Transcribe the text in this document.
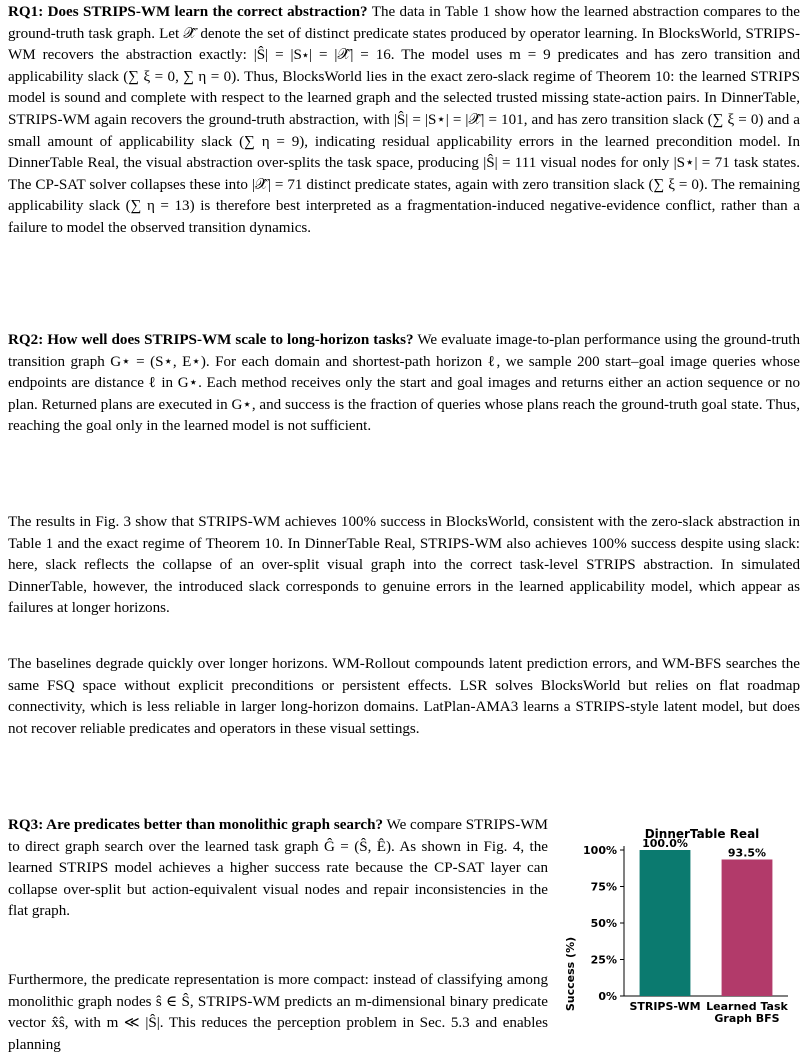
RQ1: Does STRIPS-WM learn the correct abstraction? The data in Table 1 show how the learned abstraction compares to the ground-truth task graph. Let 𝒳̂ denote the set of distinct predicate states produced by operator learning. In BlocksWorld, STRIPS-WM recovers the abstraction exactly: |Ŝ| = |S⋆| = |𝒳̂| = 16. The model uses m = 9 predicates and has zero transition and applicability slack (∑ ξ = 0, ∑ η = 0). Thus, BlocksWorld lies in the exact zero-slack regime of Theorem 10: the learned STRIPS model is sound and complete with respect to the learned graph and the selected trusted missing state-action pairs. In DinnerTable, STRIPS-WM again recovers the ground-truth abstraction, with |Ŝ| = |S⋆| = |𝒳̂| = 101, and has zero transition slack (∑ ξ = 0) and a small amount of applicability slack (∑ η = 9), indicating residual applicability errors in the learned precondition model. In DinnerTable Real, the visual abstraction over-splits the task space, producing |Ŝ| = 111 visual nodes for only |S⋆| = 71 task states. The CP-SAT solver collapses these into |𝒳̂| = 71 distinct predicate states, again with zero transition slack (∑ ξ = 0). The remaining applicability slack (∑ η = 13) is therefore best interpreted as a fragmentation-induced negative-evidence conflict, rather than a failure to model the observed transition dynamics.

RQ2: How well does STRIPS-WM scale to long-horizon tasks? We evaluate image-to-plan performance using the ground-truth transition graph G⋆ = (S⋆, E⋆). For each domain and shortest-path horizon ℓ, we sample 200 start–goal image queries whose endpoints are distance ℓ in G⋆. Each method receives only the start and goal images and returns either an action sequence or no plan. Returned plans are executed in G⋆, and success is the fraction of queries whose plans reach the ground-truth goal state. Thus, reaching the goal only in the learned model is not sufficient.

The results in Fig. 3 show that STRIPS-WM achieves 100% success in BlocksWorld, consistent with the zero-slack abstraction in Table 1 and the exact regime of Theorem 10. In DinnerTable Real, STRIPS-WM also achieves 100% success despite using slack: here, slack reflects the collapse of an over-split visual graph into the correct task-level STRIPS abstraction. In simulated DinnerTable, however, the introduced slack corresponds to genuine errors in the learned applicability model, which appear as failures at longer horizons.

The baselines degrade quickly over longer horizons. WM-Rollout compounds latent prediction errors, and WM-BFS searches the same FSQ space without explicit preconditions or persistent effects. LSR solves BlocksWorld but relies on flat roadmap connectivity, which is less reliable in larger long-horizon domains. LatPlan-AMA3 learns a STRIPS-style latent model, but does not recover reliable predicates and operators in these visual settings.

RQ3: Are predicates better than monolithic graph search? We compare STRIPS-WM to direct graph search over the learned task graph Ĝ = (Ŝ, Ê). As shown in Fig. 4, the learned STRIPS model achieves a higher success rate because the CP-SAT layer can collapse over-split but action-equivalent visual nodes and repair inconsistencies in the flat graph.

Furthermore, the predicate representation is more compact: instead of classifying among monolithic graph nodes ŝ ∈ Ŝ, STRIPS-WM predicts an m-dimensional binary predicate vector x̂ŝ, with m ≪ |Ŝ|. This reduces the perception problem in Sec. 5.3 and enables planning

DinnerTable Real
Success (%) 0%
25%
50%
75%
100%
100.0%
STRIPS-WM
93.5%
Learned Task
Graph BFS
